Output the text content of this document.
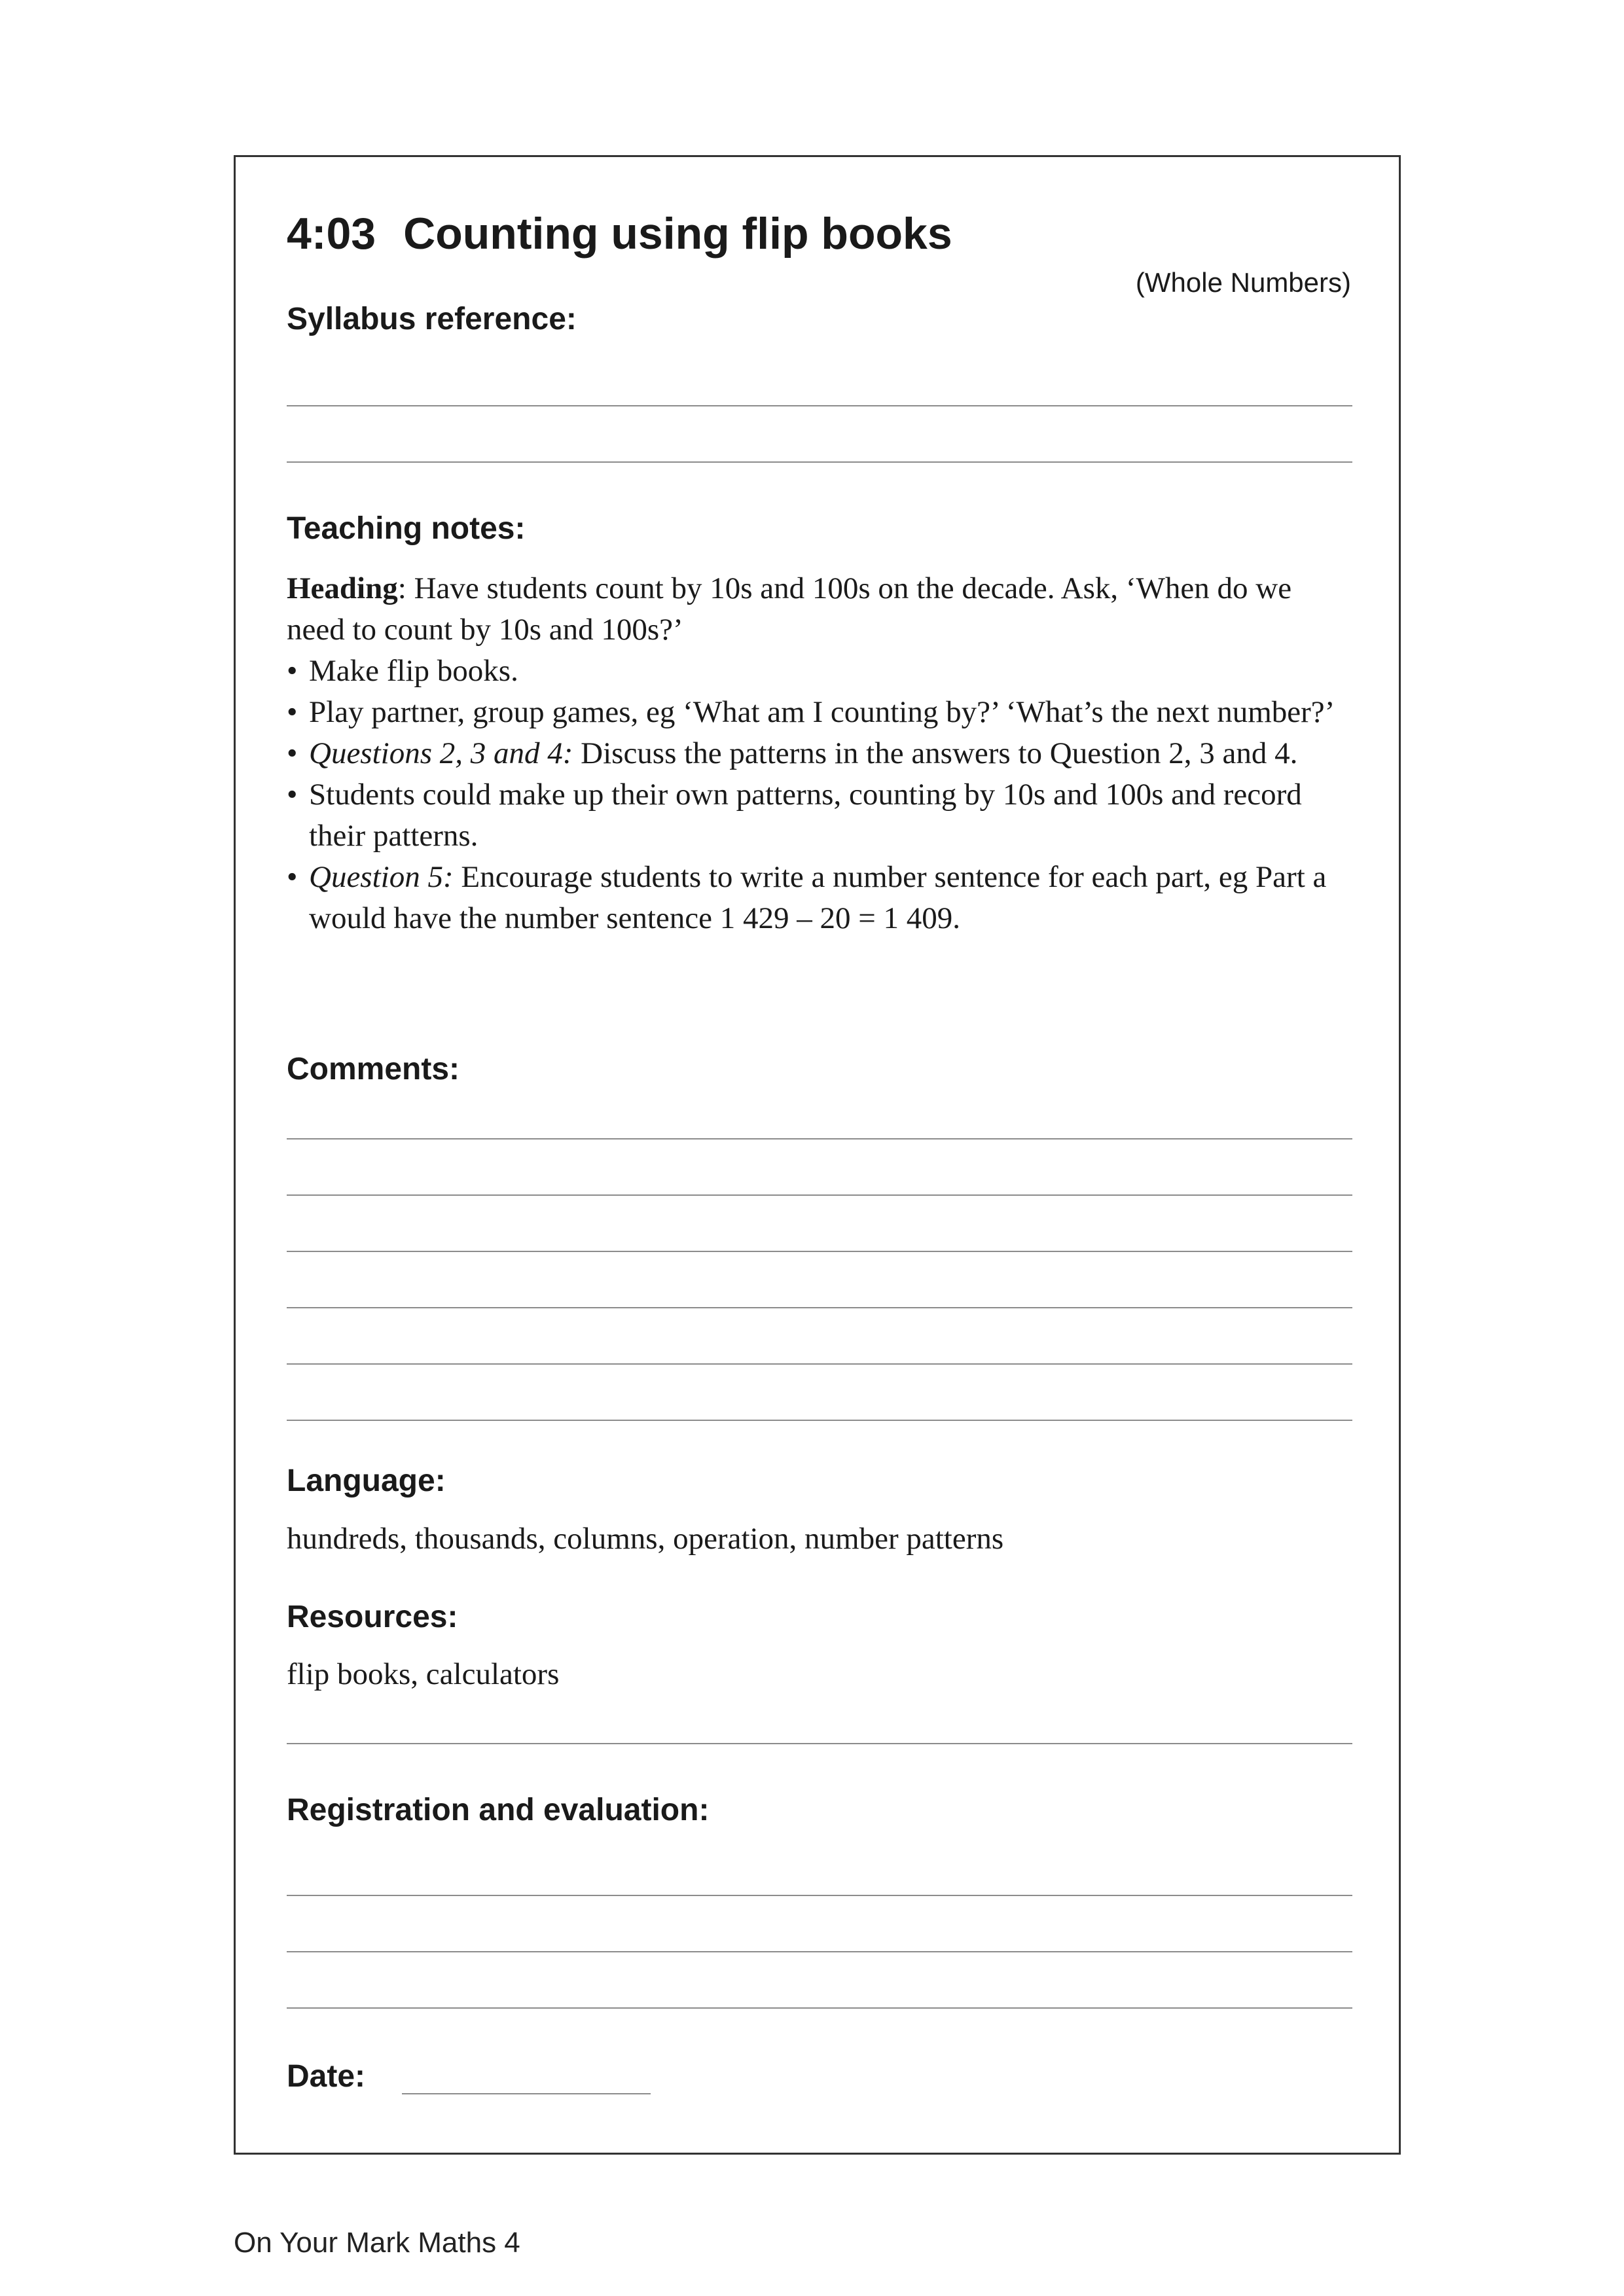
4:03 Counting using flip books
(Whole Numbers)
Syllabus reference:
Teaching notes:

Heading: Have students count by 10s and 100s on the decade. Ask, ‘When do we need to count by 10s and 100s?’

• Make flip books.
• Play partner, group games, eg ‘What am I counting by?’ ‘What’s the next number?’
• Questions 2, 3 and 4: Discuss the patterns in the answers to Question 2, 3 and 4.
• Students could make up their own patterns, counting by 10s and 100s and record their patterns.
• Question 5: Encourage students to write a number sentence for each part, eg Part a would have the number sentence 1 429 – 20 = 1 409.
Comments:
Language:
hundreds, thousands, columns, operation, number patterns
Resources:
flip books, calculators
Registration and evaluation:
Date:
On Your Mark Maths 4
